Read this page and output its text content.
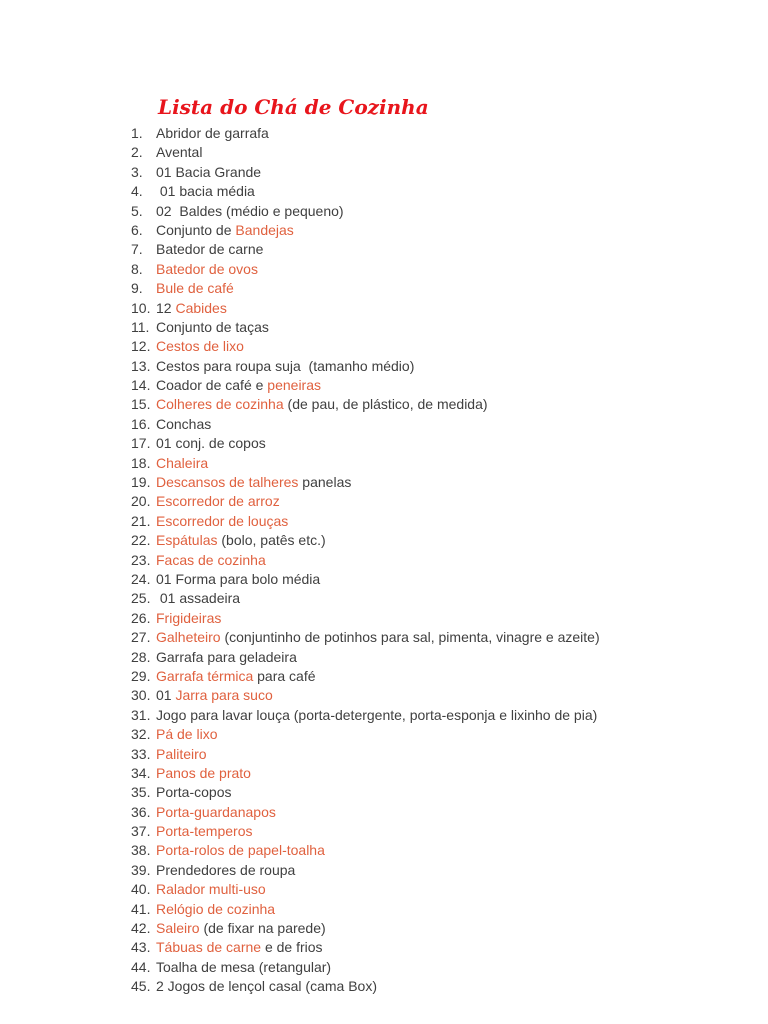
Lista do Chá de Cozinha
1. Abridor de garrafa
2. Avental
3. 01 Bacia Grande
4. 01 bacia média
5. 02  Baldes (médio e pequeno)
6. Conjunto de Bandejas
7. Batedor de carne
8. Batedor de ovos
9. Bule de café
10. 12 Cabides
11. Conjunto de taças
12. Cestos de lixo
13. Cestos para roupa suja  (tamanho médio)
14. Coador de café e peneiras
15. Colheres de cozinha (de pau, de plástico, de medida)
16. Conchas
17. 01 conj. de copos
18. Chaleira
19. Descansos de talheres panelas
20. Escorredor de arroz
21. Escorredor de louças
22. Espátulas (bolo, patês etc.)
23. Facas de cozinha
24. 01 Forma para bolo média
25. 01 assadeira
26. Frigideiras
27. Galheteiro (conjuntinho de potinhos para sal, pimenta, vinagre e azeite)
28. Garrafa para geladeira
29. Garrafa térmica para café
30. 01 Jarra para suco
31. Jogo para lavar louça (porta-detergente, porta-esponja e lixinho de pia)
32. Pá de lixo
33. Paliteiro
34. Panos de prato
35. Porta-copos
36. Porta-guardanapos
37. Porta-temperos
38. Porta-rolos de papel-toalha
39. Prendedores de roupa
40. Ralador multi-uso
41. Relógio de cozinha
42. Saleiro (de fixar na parede)
43. Tábuas de carne e de frios
44. Toalha de mesa (retangular)
45. 2 Jogos de lençol casal (cama Box)
